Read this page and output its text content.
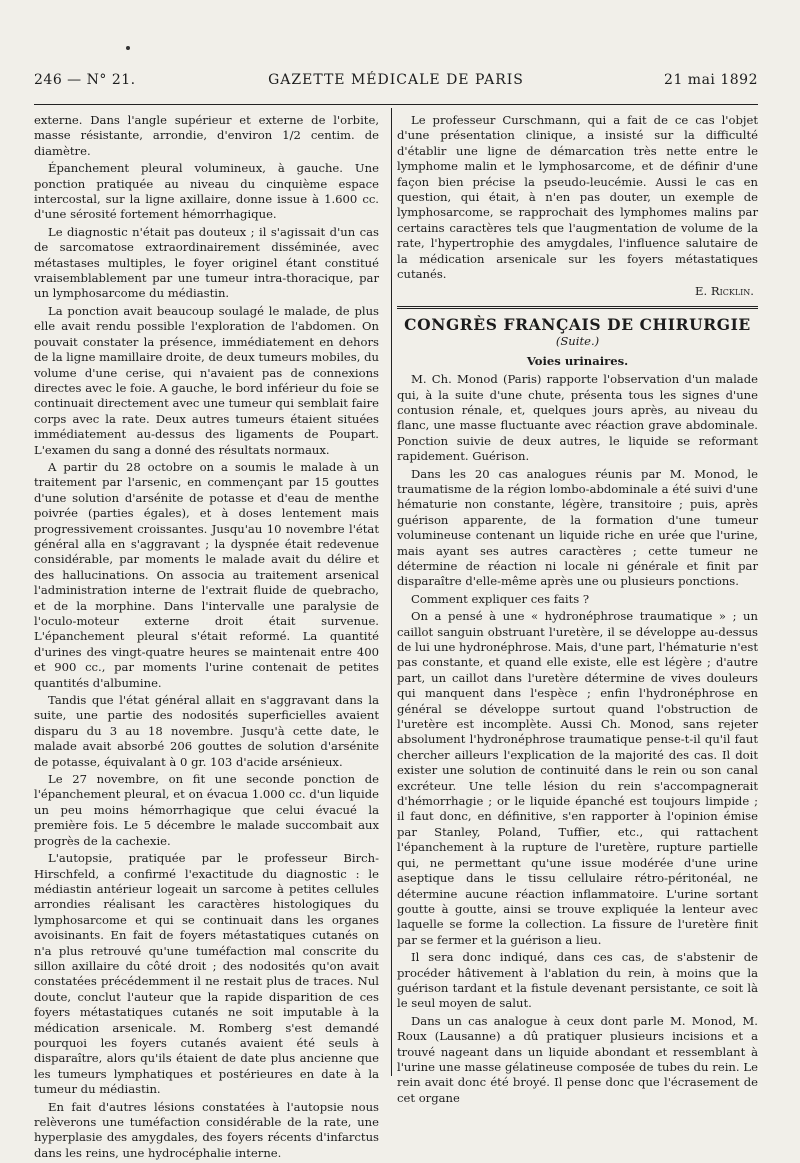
246 — N° 21.	GAZETTE MÉDICALE DE PARIS	21 mai 1892

externe. Dans l'angle supérieur et externe de l'orbite, masse résistante, arrondie, d'environ 1/2 centim. de diamètre.

Épanchement pleural volumineux, à gauche. Une ponction pratiquée au niveau du cinquième espace intercostal, sur la ligne axillaire, donne issue à 1.600 cc. d'une sérosité fortement hémorrhagique.

Le diagnostic n'était pas douteux ; il s'agissait d'un cas de sarcomatose extraordinairement disséminée, avec métastases multiples, le foyer originel étant constitué vraisemblablement par une tumeur intra-thoracique, par un lymphosarcome du médiastin.

La ponction avait beaucoup soulagé le malade, de plus elle avait rendu possible l'exploration de l'abdomen. On pouvait constater la présence, immédiatement en dehors de la ligne mamillaire droite, de deux tumeurs mobiles, du volume d'une cerise, qui n'avaient pas de connexions directes avec le foie. A gauche, le bord inférieur du foie se continuait directement avec une tumeur qui semblait faire corps avec la rate. Deux autres tumeurs étaient situées immédiatement au-dessus des ligaments de Poupart. L'examen du sang a donné des résultats normaux.

A partir du 28 octobre on a soumis le malade à un traitement par l'arsenic, en commençant par 15 gouttes d'une solution d'arsénite de potasse et d'eau de menthe poivrée (parties égales), et à doses lentement mais progressivement croissantes. Jusqu'au 10 novembre l'état général alla en s'aggravant ; la dyspnée était redevenue considérable, par moments le malade avait du délire et des hallucinations. On associa au traitement arsenical l'administration interne de l'extrait fluide de quebracho, et de la morphine. Dans l'intervalle une paralysie de l'oculo-moteur externe droit était survenue. L'épanchement pleural s'était reformé. La quantité d'urines des vingt-quatre heures se maintenait entre 400 et 900 cc., par moments l'urine contenait de petites quantités d'albumine.

Tandis que l'état général allait en s'aggravant dans la suite, une partie des nodosités superficielles avaient disparu du 3 au 18 novembre. Jusqu'à cette date, le malade avait absorbé 206 gouttes de solution d'arsénite de potasse, équivalant à 0 gr. 103 d'acide arsénieux.

Le 27 novembre, on fit une seconde ponction de l'épanchement pleural, et on évacua 1.000 cc. d'un liquide un peu moins hémorrhagique que celui évacué la première fois. Le 5 décembre le malade succombait aux progrès de la cachexie.

L'autopsie, pratiquée par le professeur Birch-Hirschfeld, a confirmé l'exactitude du diagnostic : le médiastin antérieur logeait un sarcome à petites cellules arrondies réalisant les caractères histologiques du lymphosarcome et qui se continuait dans les organes avoisinants. En fait de foyers métastatiques cutanés on n'a plus retrouvé qu'une tuméfaction mal conscrite du sillon axillaire du côté droit ; des nodosités qu'on avait constatées précédemment il ne restait plus de traces. Nul doute, conclut l'auteur que la rapide disparition de ces foyers métastatiques cutanés ne soit imputable à la médication arsenicale. M. Romberg s'est demandé pourquoi les foyers cutanés avaient été seuls à disparaître, alors qu'ils étaient de date plus ancienne que les tumeurs lymphatiques et postérieures en date à la tumeur du médiastin.

En fait d'autres lésions constatées à l'autopsie nous relèverons une tuméfaction considérable de la rate, une hyperplasie des amygdales, des foyers récents d'infarctus dans les reins, une hydrocéphalie interne.

Le professeur Curschmann, qui a fait de ce cas l'objet d'une présentation clinique, a insisté sur la difficulté d'établir une ligne de démarcation très nette entre le lymphome malin et le lymphosarcome, et de définir d'une façon bien précise la pseudo-leucémie. Aussi le cas en question, qui était, à n'en pas douter, un exemple de lymphosarcome, se rapprochait des lymphomes malins par certains caractères tels que l'augmentation de volume de la rate, l'hypertrophie des amygdales, l'influence salutaire de la médication arsenicale sur les foyers métastatiques cutanés.

E. Ricklin.
CONGRÈS FRANÇAIS DE CHIRURGIE
(Suite.)
Voies urinaires.

M. Ch. Monod (Paris) rapporte l'observation d'un malade qui, à la suite d'une chute, présenta tous les signes d'une contusion rénale, et, quelques jours après, au niveau du flanc, une masse fluctuante avec réaction grave abdominale. Ponction suivie de deux autres, le liquide se reformant rapidement. Guérison.

Dans les 20 cas analogues réunis par M. Monod, le traumatisme de la région lombo-abdominale a été suivi d'une hématurie non constante, légère, transitoire ; puis, après guérison apparente, de la formation d'une tumeur volumineuse contenant un liquide riche en urée que l'urine, mais ayant ses autres caractères ; cette tumeur ne détermine de réaction ni locale ni générale et finit par disparaître d'elle-même après une ou plusieurs ponctions.

Comment expliquer ces faits ?

On a pensé à une « hydronéphrose traumatique » ; un caillot sanguin obstruant l'uretère, il se développe au-dessus de lui une hydronéphrose. Mais, d'une part, l'hématurie n'est pas constante, et quand elle existe, elle est légère ; d'autre part, un caillot dans l'uretère détermine de vives douleurs qui manquent dans l'espèce ; enfin l'hydronéphrose en général se développe surtout quand l'obstruction de l'uretère est incomplète. Aussi Ch. Monod, sans rejeter absolument l'hydronéphrose traumatique pense-t-il qu'il faut chercher ailleurs l'explication de la majorité des cas. Il doit exister une solution de continuité dans le rein ou son canal excréteur. Une telle lésion du rein s'accompagnerait d'hémorrhagie ; or le liquide épanché est toujours limpide ; il faut donc, en définitive, s'en rapporter à l'opinion émise par Stanley, Poland, Tuffier, etc., qui rattachent l'épanchement à la rupture de l'uretère, rupture partielle qui, ne permettant qu'une issue modérée d'une urine aseptique dans le tissu cellulaire rétro-péritonéal, ne détermine aucune réaction inflammatoire. L'urine sortant goutte à goutte, ainsi se trouve expliquée la lenteur avec laquelle se forme la collection. La fissure de l'uretère finit par se fermer et la guérison a lieu.

Il sera donc indiqué, dans ces cas, de s'abstenir de procéder hâtivement à l'ablation du rein, à moins que la guérison tardant et la fistule devenant persistante, ce soit là le seul moyen de salut.

Dans un cas analogue à ceux dont parle M. Monod, M. Roux (Lausanne) a dû pratiquer plusieurs incisions et a trouvé nageant dans un liquide abondant et ressemblant à l'urine une masse gélatineuse composée de tubes du rein. Le rein avait donc été broyé. Il pense donc que l'écrasement de cet organe
